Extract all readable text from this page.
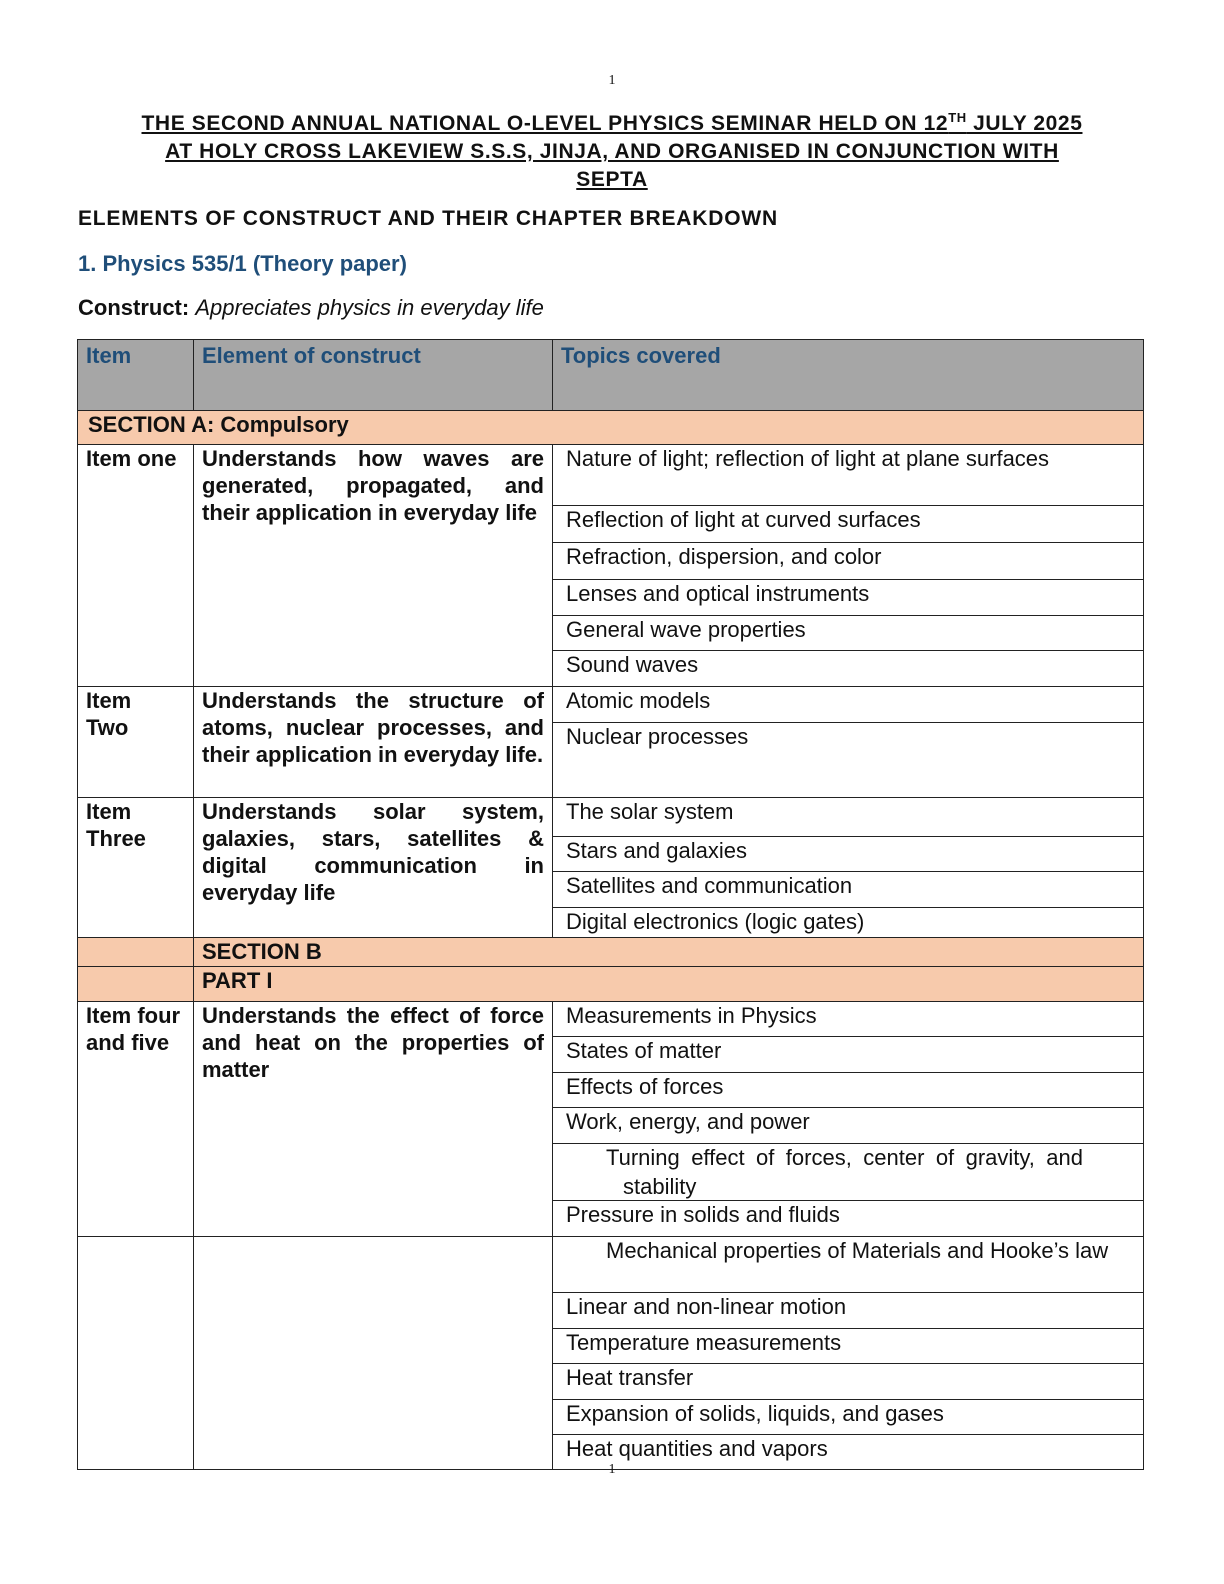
1
THE SECOND ANNUAL NATIONAL O-LEVEL PHYSICS SEMINAR HELD ON 12TH JULY 2025
AT HOLY CROSS LAKEVIEW S.S.S, JINJA, AND ORGANISED IN CONJUNCTION WITH
SEPTA
ELEMENTS OF CONSTRUCT AND THEIR CHAPTER BREAKDOWN
1. Physics 535/1 (Theory paper)
Construct: Appreciates physics in everyday life
Item	Element of construct	Topics covered
SECTION A: Compulsory		
Item one	Understands how waves are generated, propagated, and their application in everyday life	Nature of light; reflection of light at plane surfaces

		Reflection of light at curved surfaces
		Refraction, dispersion, and color
		Lenses and optical instruments
		General wave properties
		Sound waves
Item Two	Understands the structure of atoms, nuclear processes, and their application in everyday life.	Atomic models
		Nuclear processes
Item Three	Understands solar system, galaxies, stars, satellites & digital communication in everyday life	The solar system
		Stars and galaxies
		Satellites and communication
		Digital electronics (logic gates)
	SECTION B	
	PART I	
Item four and five	Understands the effect of force and heat on the properties of matter	Measurements in Physics
		States of matter
		Effects of forces
		Work, energy, and power

		Turning effect of forces, center of gravity, and stability

		Pressure in solids and fluids

		Mechanical properties of Materials and Hooke’s law

		Linear and non-linear motion
		Temperature measurements
		Heat transfer
		Expansion of solids, liquids, and gases
		Heat quantities and vapors
1
